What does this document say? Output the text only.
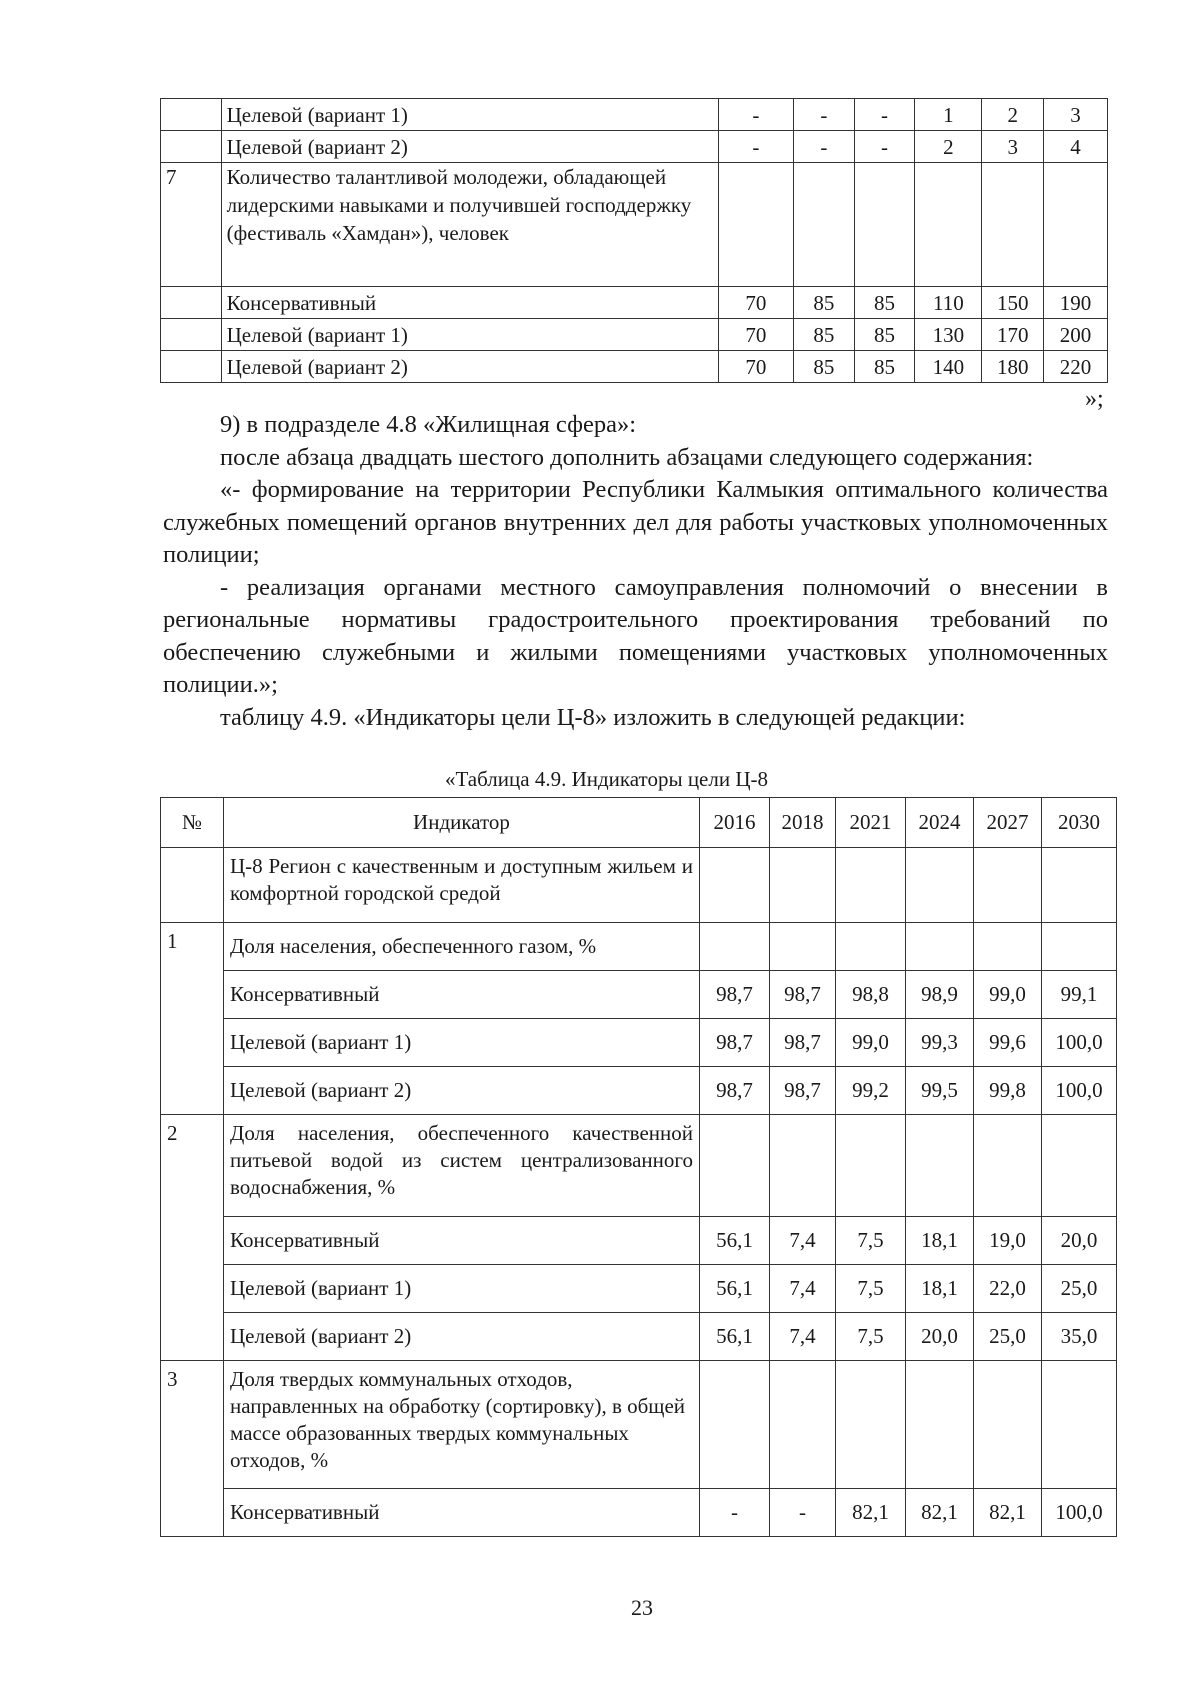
	Целевой (вариант 1)	-	-	-	1	2	3
	Целевой (вариант 2)	-	-	-	2	3	4
7	Количество талантливой молодежи, обладающей лидерскими навыками и получившей господдержку (фестиваль «Хамдан»), человек						
	Консервативный	70	85	85	110	150	190
	Целевой (вариант 1)	70	85	85	130	170	200
	Целевой (вариант 2)	70	85	85	140	180	220
»;

9) в подразделе 4.8 «Жилищная сфера»:

после абзаца двадцать шестого дополнить абзацами следующего содержания:

«- формирование на территории Республики Калмыкия оптимального количества служебных помещений органов внутренних дел для работы участковых уполномоченных полиции;

- реализация органами местного самоуправления полномочий о внесении в региональные нормативы градостроительного проектирования требований по обеспечению служебными и жилыми помещениями участковых уполномоченных полиции.»;

таблицу 4.9. «Индикаторы цели Ц-8» изложить в следующей редакции:

«Таблица 4.9. Индикаторы цели Ц-8
№	Индикатор	2016	2018	2021	2024	2027	2030
	Ц-8 Регион с качественным и доступным жильем и комфортной городской средой						
1	Доля населения, обеспеченного газом, %						
	Консервативный	98,7	98,7	98,8	98,9	99,0	99,1
	Целевой (вариант 1)	98,7	98,7	99,0	99,3	99,6	100,0
	Целевой (вариант 2)	98,7	98,7	99,2	99,5	99,8	100,0
2	Доля населения, обеспеченного качественной питьевой водой из систем централизованного водоснабжения, %						
	Консервативный	56,1	7,4	7,5	18,1	19,0	20,0
	Целевой (вариант 1)	56,1	7,4	7,5	18,1	22,0	25,0
	Целевой (вариант 2)	56,1	7,4	7,5	20,0	25,0	35,0
3	Доля твердых коммунальных отходов, направленных на обработку (сортировку), в общей массе образованных твердых коммунальных отходов, %						
	Консервативный	-	-	82,1	82,1	82,1	100,0
23
